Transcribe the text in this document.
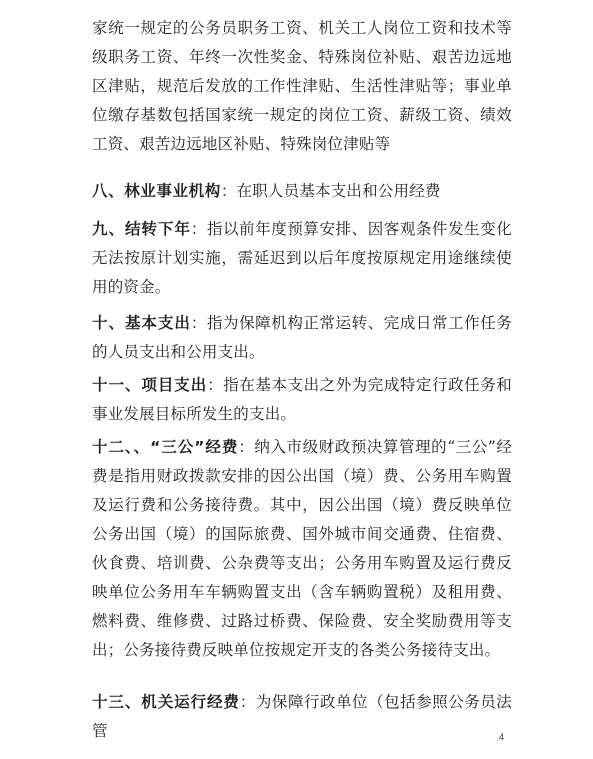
家统一规定的公务员职务工资、机关工人岗位工资和技术等级职务工资、年终一次性奖金、特殊岗位补贴、艰苦边远地区津贴，规范后发放的工作性津贴、生活性津贴等；事业单位缴存基数包括国家统一规定的岗位工资、薪级工资、绩效工资、艰苦边远地区补贴、特殊岗位津贴等

八、林业事业机构：在职人员基本支出和公用经费

九、结转下年：指以前年度预算安排、因客观条件发生变化无法按原计划实施，需延迟到以后年度按原规定用途继续使用的资金。

十、基本支出：指为保障机构正常运转、完成日常工作任务的人员支出和公用支出。

十一、项目支出：指在基本支出之外为完成特定行政任务和事业发展目标所发生的支出。

十二、、“三公”经费：纳入市级财政预决算管理的“三公”经费是指用财政拨款安排的因公出国（境）费、公务用车购置及运行费和公务接待费。其中，因公出国（境）费反映单位公务出国（境）的国际旅费、国外城市间交通费、住宿费、伙食费、培训费、公杂费等支出；公务用车购置及运行费反映单位公务用车车辆购置支出（含车辆购置税）及租用费、燃料费、维修费、过路过桥费、保险费、安全奖励费用等支出；公务接待费反映单位按规定开支的各类公务接待支出。

十三、机关运行经费：为保障行政单位（包括参照公务员法管	4
